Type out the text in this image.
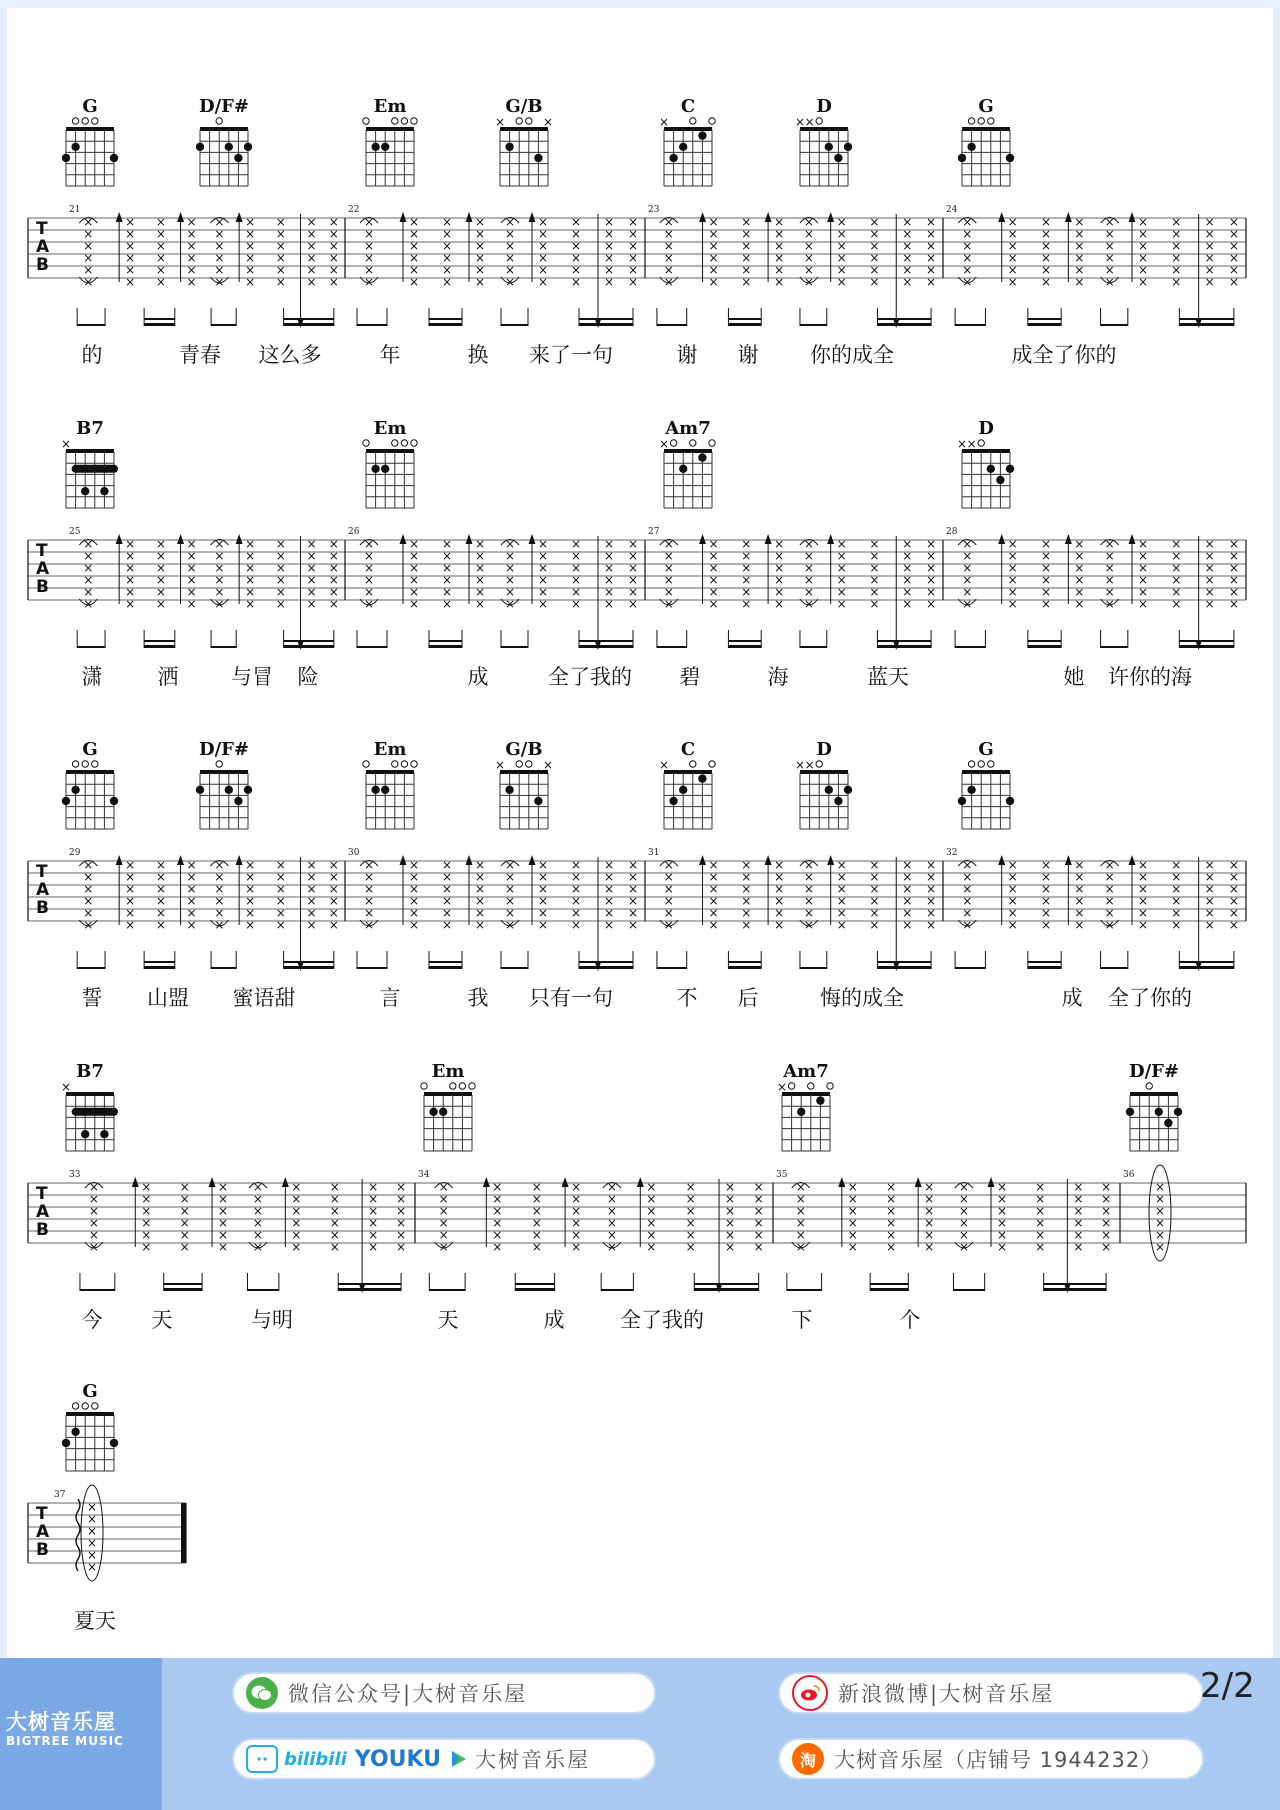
G	D/F#	Em	G/B
×	×
C
×
D
× ×
G
T
A
B
21
×
×
×
×
×
×
×
×
×
×
×
×
×
×
×
×
×
×
×
×
×
×
×
×
×
×
×
×
×
×
×
×
×
×
×
×
×
×
×
×
×
×
×
×
×
×
×
×
×
×
×
×
×
×
22
×
×
×
×
×
×
×
×
×
×
×
×
×
×
×
×
×
×
×
×
×
×
×
×
×
×
×
×
×
×
×
×
×
×
×
×
×
×
×
×
×
×
×
×
×
×
×
×
×
×
×
×
×
×
23
×
×
×
×
×
×
×
×
×
×
×
×
×
×
×
×
×
×
×
×
×
×
×
×
×
×
×
×
×
×
×
×
×
×
×
×
×
×
×
×
×
×
×
×
×
×
×
×
×
×
×
×
×
×
24
×
×
×
×
×
×
×
×
×
×
×
×
×
×
×
×
×
×
×
×
×
×
×
×
×
×
×
×
×
×
×
×
×
×
×
×
×
×
×
×
×
×
×
×
×
×
×
×
×
×
×
×
×
×
的	青春 这么多	年	换 来了一句	谢 谢 你的成全	成全了你的
B7
×
Em	Am7
×
D
× ×
T
A
B
25
×
×
×
×
×
×
×
×
×
×
×
×
×
×
×
×
×
×
×
×
×
×
×
×
×
×
×
×
×
×
×
×
×
×
×
×
×
×
×
×
×
×
×
×
×
×
×
×
×
×
×
×
×
×
26
×
×
×
×
×
×
×
×
×
×
×
×
×
×
×
×
×
×
×
×
×
×
×
×
×
×
×
×
×
×
×
×
×
×
×
×
×
×
×
×
×
×
×
×
×
×
×
×
×
×
×
×
×
×
27
×
×
×
×
×
×
×
×
×
×
×
×
×
×
×
×
×
×
×
×
×
×
×
×
×
×
×
×
×
×
×
×
×
×
×
×
×
×
×
×
×
×
×
×
×
×
×
×
×
×
×
×
×
×
28
×
×
×
×
×
×
×
×
×
×
×
×
×
×
×
×
×
×
×
×
×
×
×
×
×
×
×
×
×
×
×
×
×
×
×
×
×
×
×
×
×
×
×
×
×
×
×
×
×
×
×
×
×
×
潇	洒	与冒 险	成	全了我的 碧	海	蓝天	她 许你的海
G	D/F#	Em	G/B
×	×
C
×
D
× ×
G
T
A
B
29
×
×
×
×
×
×
×
×
×
×
×
×
×
×
×
×
×
×
×
×
×
×
×
×
×
×
×
×
×
×
×
×
×
×
×
×
×
×
×
×
×
×
×
×
×
×
×
×
×
×
×
×
×
×
30
×
×
×
×
×
×
×
×
×
×
×
×
×
×
×
×
×
×
×
×
×
×
×
×
×
×
×
×
×
×
×
×
×
×
×
×
×
×
×
×
×
×
×
×
×
×
×
×
×
×
×
×
×
×
31
×
×
×
×
×
×
×
×
×
×
×
×
×
×
×
×
×
×
×
×
×
×
×
×
×
×
×
×
×
×
×
×
×
×
×
×
×
×
×
×
×
×
×
×
×
×
×
×
×
×
×
×
×
×
32
×
×
×
×
×
×
×
×
×
×
×
×
×
×
×
×
×
×
×
×
×
×
×
×
×
×
×
×
×
×
×
×
×
×
×
×
×
×
×
×
×
×
×
×
×
×
×
×
×
×
×
×
×
×
誓 山盟 蜜语甜	言	我 只有一句	不 后	悔的成全	成 全了你的
B7
×
Em	Am7
×
D/F#
T
A
B
33
×
×
×
×
×
×
×
×
×
×
×
×
×
×
×
×
×
×
×
×
×
×
×
×
×
×
×
×
×
×
×
×
×
×
×
×
×
×
×
×
×
×
×
×
×
×
×
×
×
×
×
×
×
×
34
×
×
×
×
×
×
×
×
×
×
×
×
×
×
×
×
×
×
×
×
×
×
×
×
×
×
×
×
×
×
×
×
×
×
×
×
×
×
×
×
×
×
×
×
×
×
×
×
×
×
×
×
×
×
35
×
×
×
×
×
×
×
×
×
×
×
×
×
×
×
×
×
×
×
×
×
×
×
×
×
×
×
×
×
×
×
×
×
×
×
×
×
×
×
×
×
×
×
×
×
×
×
×
×
×
×
×
×
×
36
×
×
×
×
×
×
今 天	与明	天	成	全了我的	下	个
G
T
A
B
37
×
×
×
×
×
×
夏天
大树音乐屋
BIGTREE MUSIC
微信公众号|大树音乐屋	新浪微博|大树音乐屋
bilibili YOUKU 大树音乐屋	淘 大树音乐屋（店铺号 1944232）
2/2
